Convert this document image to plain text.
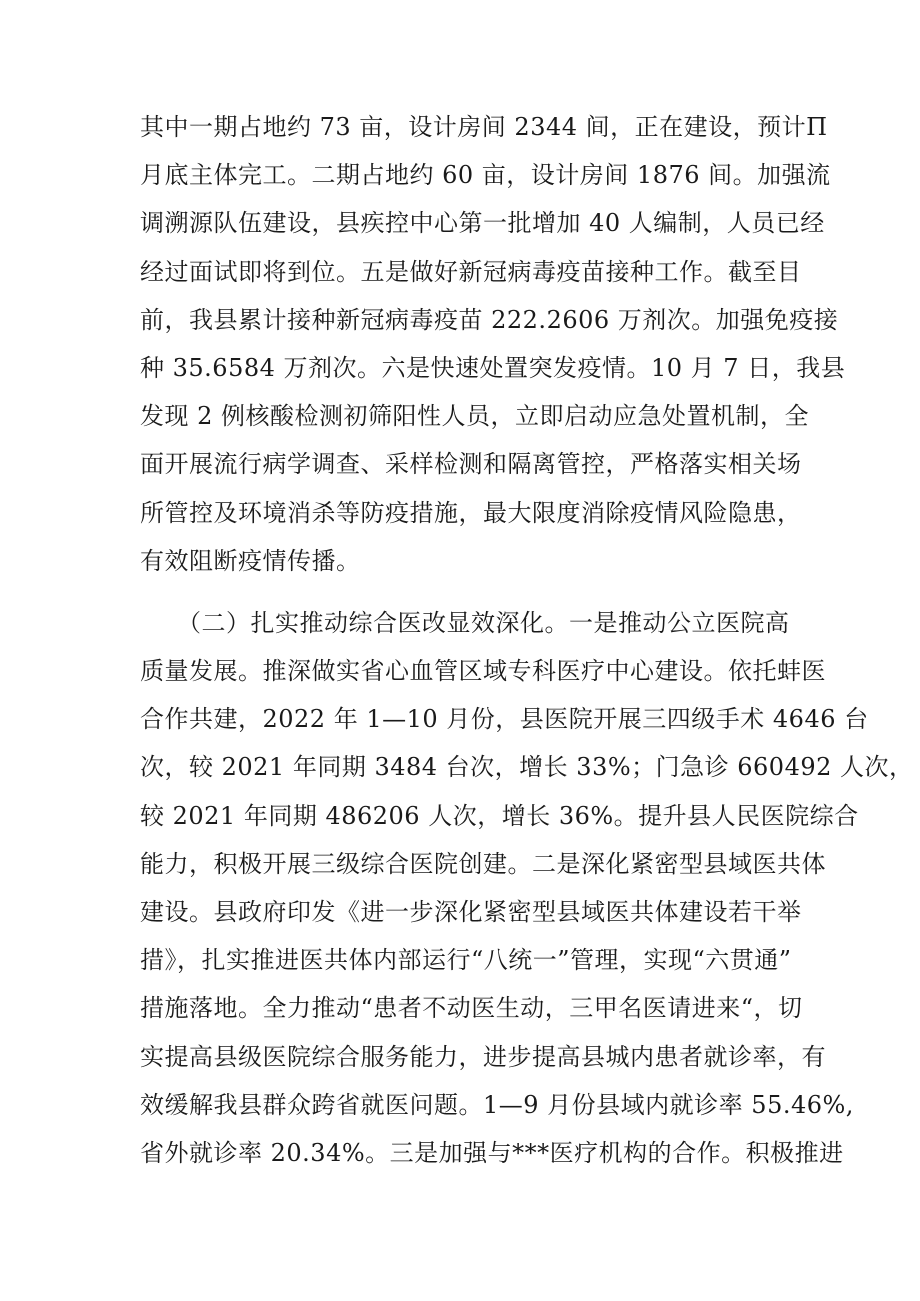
其中一期占地约 73 亩，设计房间 2344 间，正在建设，预计Π
月底主体完工。二期占地约 60 亩，设计房间 1876 间。加强流
调溯源队伍建设，县疾控中心第一批增加 40 人编制，人员已经
经过面试即将到位。五是做好新冠病毒疫苗接种工作。截至目
前，我县累计接种新冠病毒疫苗 222.2606 万剂次。加强免疫接
种 35.6584 万剂次。六是快速处置突发疫情。10 月 7 日，我县
发现 2 例核酸检测初筛阳性人员，立即启动应急处置机制，全
面开展流行病学调查、采样检测和隔离管控，严格落实相关场
所管控及环境消杀等防疫措施，最大限度消除疫情风险隐患，
有效阻断疫情传播。
　　（二）扎实推动综合医改显效深化。一是推动公立医院高
质量发展。推深做实省心血管区域专科医疗中心建设。依托蚌医
合作共建，2022 年 1—10 月份，县医院开展三四级手术 4646 台
次，较 2021 年同期 3484 台次，增长 33%；门急诊 660492 人次，
较 2021 年同期 486206 人次，增长 36%。提升县人民医院综合
能力，积极开展三级综合医院创建。二是深化紧密型县域医共体
建设。县政府印发《进一步深化紧密型县域医共体建设若干举
措》，扎实推进医共体内部运行“八统一”管理，实现“六贯通”
措施落地。全力推动“患者不动医生动，三甲名医请进来“，切
实提高县级医院综合服务能力，进步提高县城内患者就诊率，有
效缓解我县群众跨省就医问题。1—9 月份县域内就诊率 55.46%,
省外就诊率 20.34%。三是加强与***医疗机构的合作。积极推进
